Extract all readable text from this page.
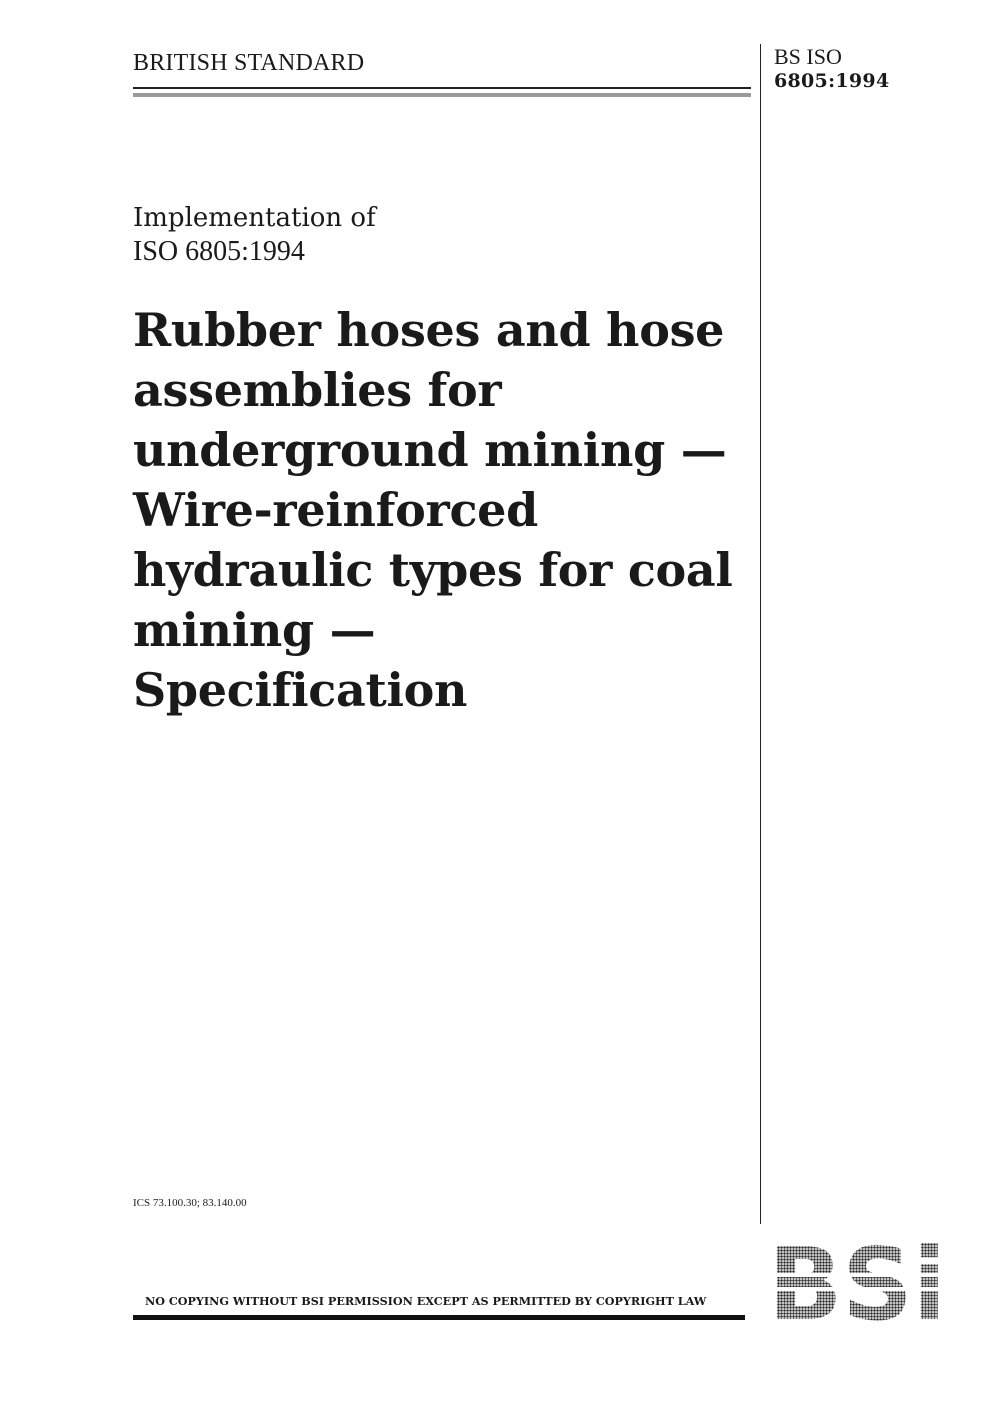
BRITISH STANDARD	BS ISO
6805:1994
Implementation of
ISO 6805:1994
Rubber hoses and hose
assemblies for
underground mining —
Wire-reinforced
hydraulic types for coal
mining —
Specification
ICS 73.100.30; 83.140.00
NO COPYING WITHOUT BSI PERMISSION EXCEPT AS PERMITTED BY COPYRIGHT LAW
